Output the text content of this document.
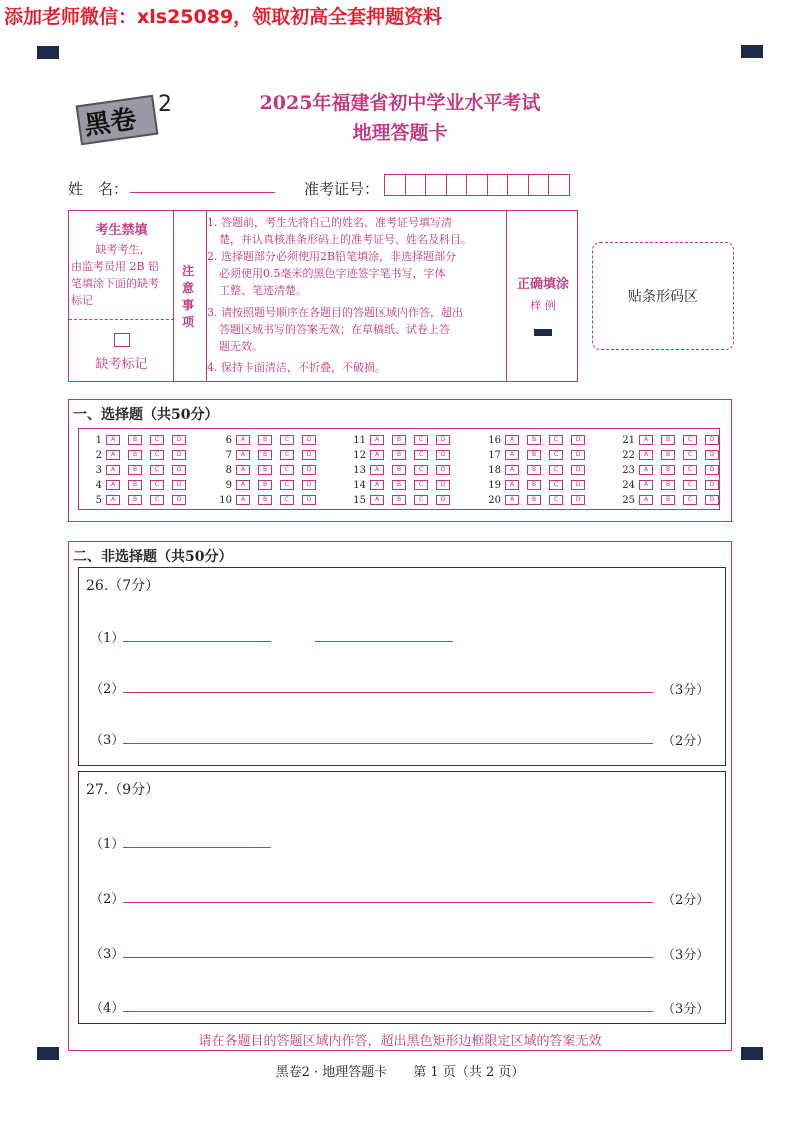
添加老师微信：xls25089，领取初高全套押题资料
黑卷
2	2025年福建省初中学业水平考试
地理答题卡
姓　名：	准考证号：
考生禁填
缺考考生，
由监考员用 2B 铅
笔填涂下面的缺考
标记
缺考标记
注意事项
1. 答题前，考生先将自己的姓名、准考证号填写清
楚，并认真核准条形码上的准考证号、姓名及科目。
2. 选择题部分必须使用2B铅笔填涂，非选择题部分
必须使用0.5毫米的黑色字迹签字笔书写，字体
工整、笔迹清楚。
3. 请按照题号顺序在各题目的答题区域内作答，超出
答题区域书写的答案无效；在草稿纸、试卷上答
题无效。
4. 保持卡面清洁，不折叠，不破损。
正确填涂
样 例
贴条形码区
一、选择题（共50分）
1	A	B	C	D
2	A	B	C	D
3	A	B	C	D
4	A	B	C	D
5	A	B	C	D
6	A	B	C	D
7	A	B	C	D
8	A	B	C	D
9	A	B	C	D
10	A	B	C	D
11	A	B	C	D
12	A	B	C	D
13	A	B	C	D
14	A	B	C	D
15	A	B	C	D
16	A	B	C	D
17	A	B	C	D
18	A	B	C	D
19	A	B	C	D
20	A	B	C	D
21	A	B	C	D
22	A	B	C	D
23	A	B	C	D
24	A	B	C	D
25	A	B	C	D
二、非选择题（共50分）
26.（7分）
（1）
（2）	（3分）
（3）	（2分）
27.（9分）
（1）
（2）	（2分）
（3）	（3分）
（4）	（3分）
请在各题目的答题区域内作答，超出黑色矩形边框限定区域的答案无效
黑卷2 · 地理答题卡　　第 1 页（共 2 页）
